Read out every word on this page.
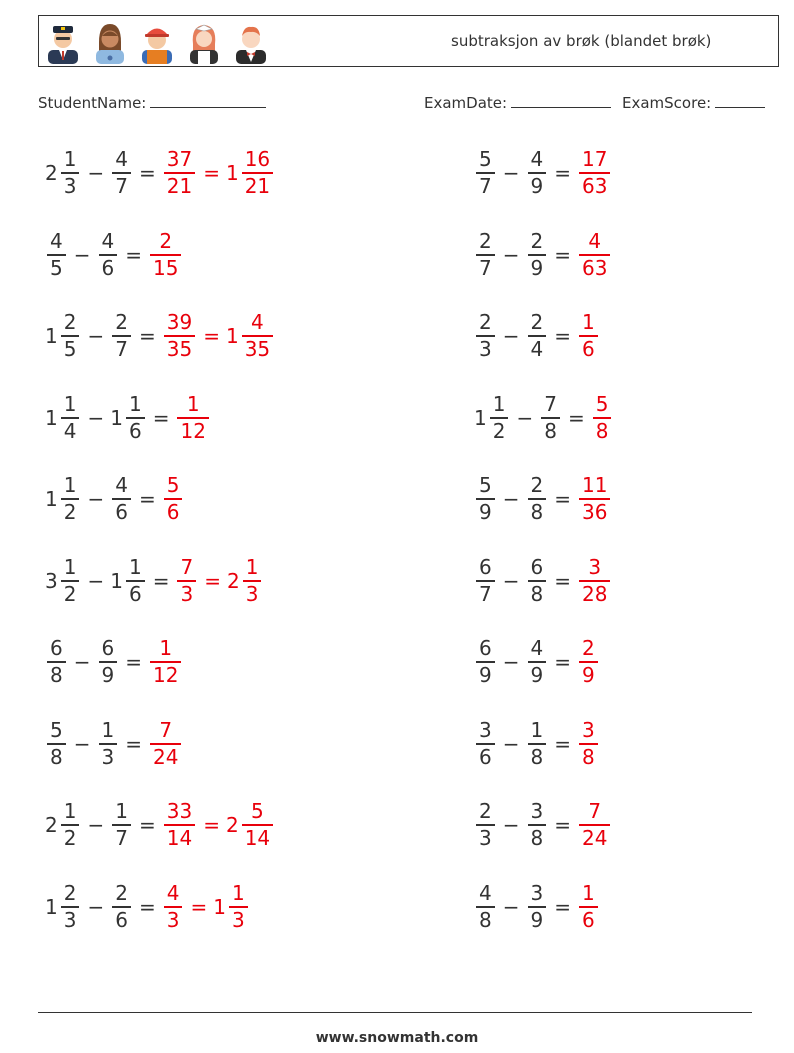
subtraksjon av brøk (blandet brøk)
StudentName:	ExamDate:	ExamScore:
$2 \frac{1}{3} - \frac{4}{7} = \frac{37}{21} = 1 \frac{16}{21}$	$\frac{5}{7} - \frac{4}{9} = \frac{17}{63}$
$\frac{4}{5} - \frac{4}{6} = \frac{2}{15}$	$\frac{2}{7} - \frac{2}{9} = \frac{4}{63}$
$1 \frac{2}{5} - \frac{2}{7} = \frac{39}{35} = 1 \frac{4}{35}$	$\frac{2}{3} - \frac{2}{4} = \frac{1}{6}$
$1 \frac{1}{4} - 1 \frac{1}{6} = \frac{1}{12}$	$1 \frac{1}{2} - \frac{7}{8} = \frac{5}{8}$
$1 \frac{1}{2} - \frac{4}{6} = \frac{5}{6}$	$\frac{5}{9} - \frac{2}{8} = \frac{11}{36}$
$3 \frac{1}{2} - 1 \frac{1}{6} = \frac{7}{3} = 2 \frac{1}{3}$	$\frac{6}{7} - \frac{6}{8} = \frac{3}{28}$
$\frac{6}{8} - \frac{6}{9} = \frac{1}{12}$	$\frac{6}{9} - \frac{4}{9} = \frac{2}{9}$
$\frac{5}{8} - \frac{1}{3} = \frac{7}{24}$	$\frac{3}{6} - \frac{1}{8} = \frac{3}{8}$
$2 \frac{1}{2} - \frac{1}{7} = \frac{33}{14} = 2 \frac{5}{14}$	$\frac{2}{3} - \frac{3}{8} = \frac{7}{24}$
$1 \frac{2}{3} - \frac{2}{6} = \frac{4}{3} = 1 \frac{1}{3}$	$\frac{4}{8} - \frac{3}{9} = \frac{1}{6}$
www.snowmath.com
